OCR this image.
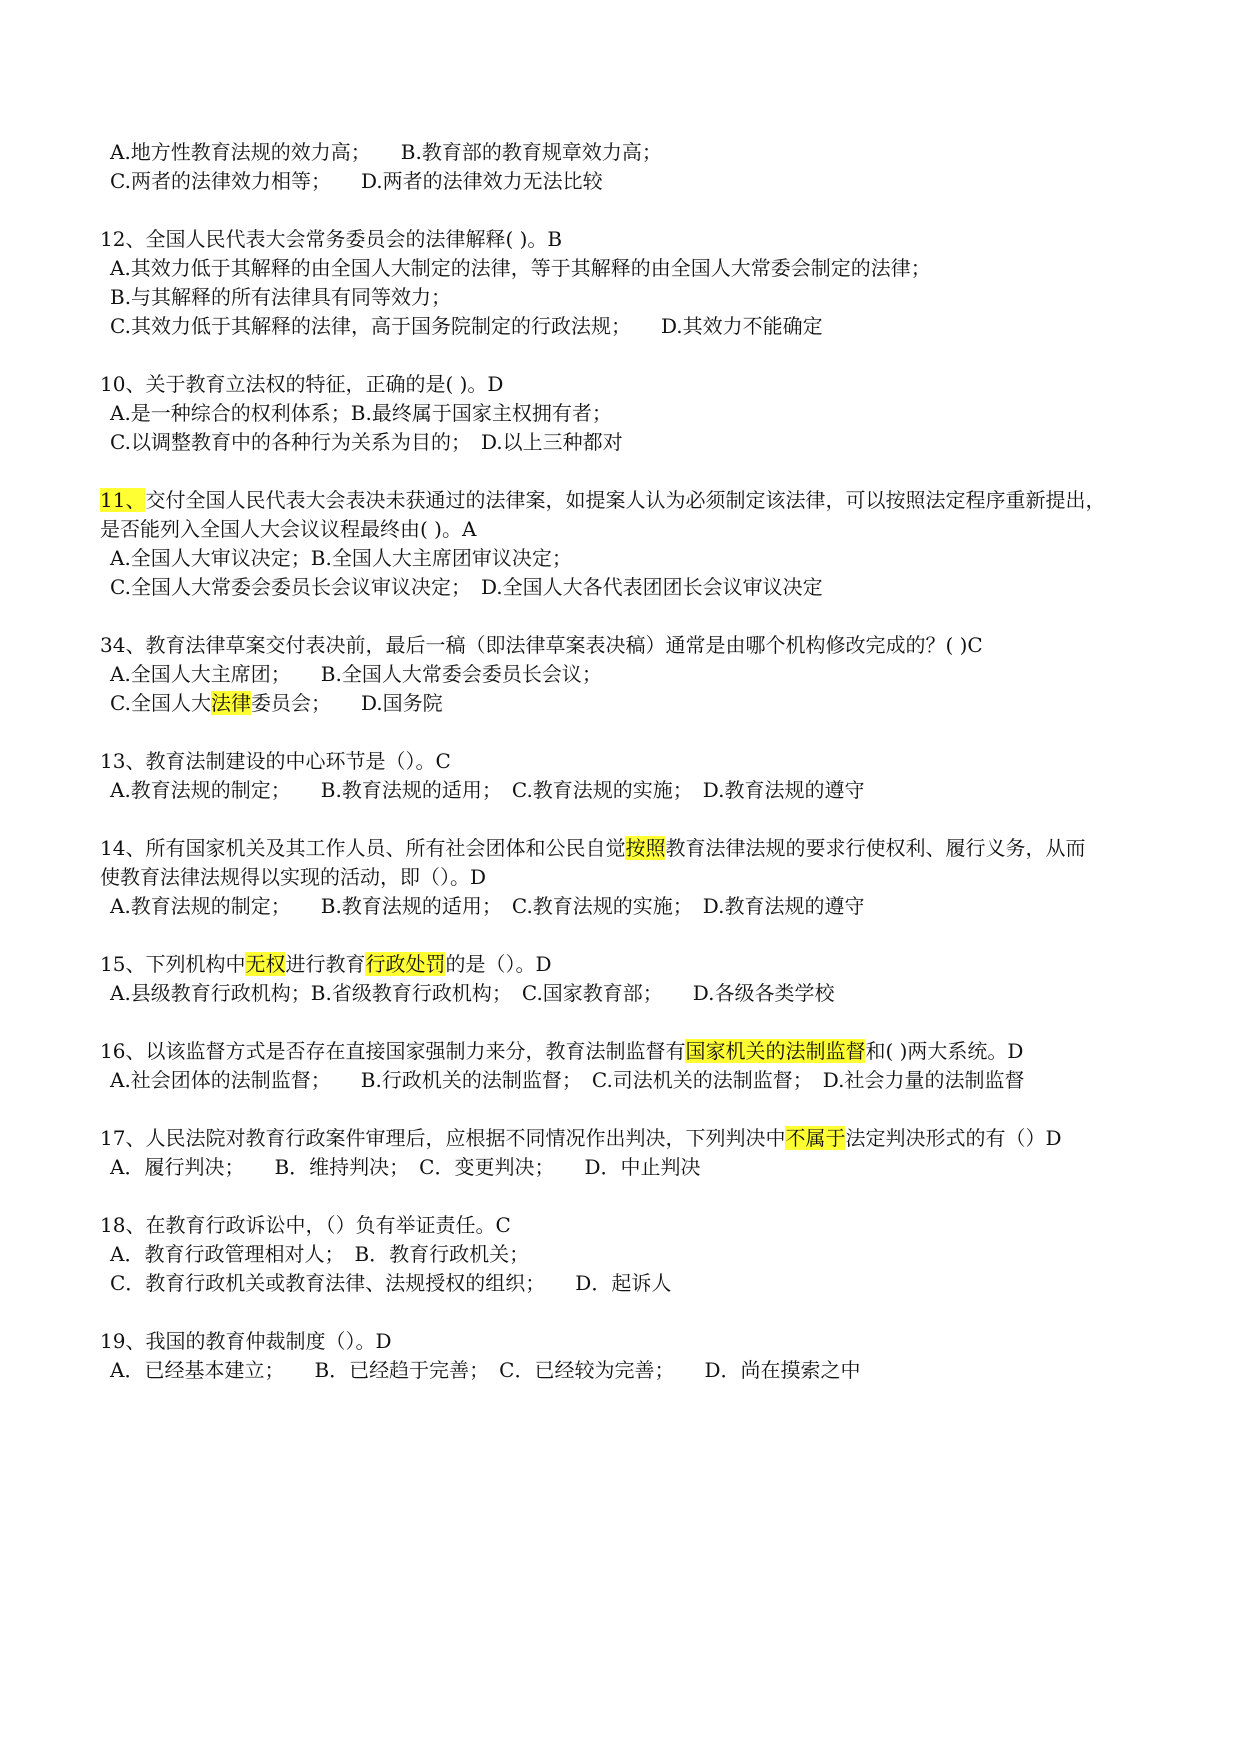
A.地方性教育法规的效力高；　　B.教育部的教育规章效力高；
C.两者的法律效力相等；　　D.两者的法律效力无法比较
12、全国人民代表大会常务委员会的法律解释( )。B
A.其效力低于其解释的由全国人大制定的法律，等于其解释的由全国人大常委会制定的法律；
B.与其解释的所有法律具有同等效力；
C.其效力低于其解释的法律，高于国务院制定的行政法规；　　D.其效力不能确定
10、关于教育立法权的特征，正确的是( )。D
A.是一种综合的权利体系；B.最终属于国家主权拥有者；
C.以调整教育中的各种行为关系为目的；　D.以上三种都对
11、交付全国人民代表大会表决未获通过的法律案，如提案人认为必须制定该法律，可以按照法定程序重新提出，
是否能列入全国人大会议议程最终由( )。A
A.全国人大审议决定；B.全国人大主席团审议决定；
C.全国人大常委会委员长会议审议决定；　D.全国人大各代表团团长会议审议决定
34、教育法律草案交付表决前，最后一稿（即法律草案表决稿）通常是由哪个机构修改完成的？( )C
A.全国人大主席团；　　B.全国人大常委会委员长会议；
C.全国人大法律委员会；　　D.国务院
13、教育法制建设的中心环节是（）。C
A.教育法规的制定；　　B.教育法规的适用；　C.教育法规的实施；　D.教育法规的遵守
14、所有国家机关及其工作人员、所有社会团体和公民自觉按照教育法律法规的要求行使权利、履行义务，从而
使教育法律法规得以实现的活动，即（）。D
A.教育法规的制定；　　B.教育法规的适用；　C.教育法规的实施；　D.教育法规的遵守
15、下列机构中无权进行教育行政处罚的是（）。D
A.县级教育行政机构；B.省级教育行政机构；　C.国家教育部；　　D.各级各类学校
16、以该监督方式是否存在直接国家强制力来分，教育法制监督有国家机关的法制监督和( )两大系统。D
A.社会团体的法制监督；　　B.行政机关的法制监督；　C.司法机关的法制监督；　D.社会力量的法制监督
17、人民法院对教育行政案件审理后，应根据不同情况作出判决，下列判决中不属于法定判决形式的有（）D
A．履行判决；　　B．维持判决；　C．变更判决；　　D．中止判决
18、在教育行政诉讼中，（）负有举证责任。C
A．教育行政管理相对人；　B．教育行政机关；
C．教育行政机关或教育法律、法规授权的组织；　　D．起诉人
19、我国的教育仲裁制度（）。D
A．已经基本建立；　　B．已经趋于完善；　C．已经较为完善；　　D．尚在摸索之中
